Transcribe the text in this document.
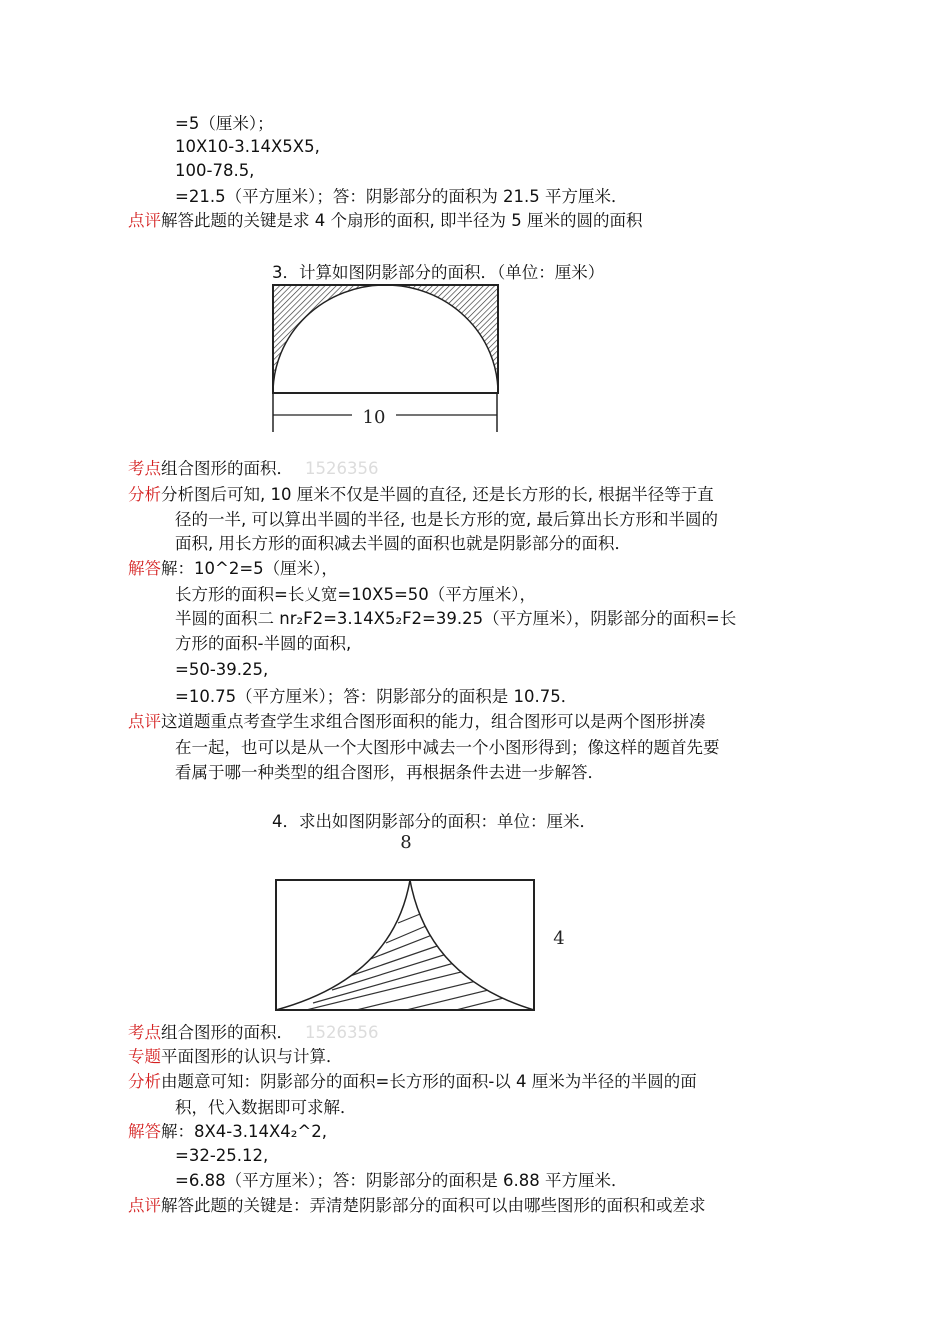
=5（厘米）；
10X10-3.14X5X5,
100-78.5,
=21.5（平方厘米）；答：阴影部分的面积为 21.5 平方厘米．
点评解答此题的关键是求 4 个扇形的面积, 即半径为 5 厘米的圆的面积
3．计算如图阴影部分的面积．（单位：厘米）
10
考点组合图形的面积． 1526356
分析分析图后可知, 10 厘米不仅是半圆的直径, 还是长方形的长, 根据半径等于直
径的一半, 可以算出半圆的半径, 也是长方形的宽, 最后算出长方形和半圆的
面积, 用长方形的面积减去半圆的面积也就是阴影部分的面积．
解答解：10^2=5（厘米），
长方形的面积=长乂宽=10X5=50（平方厘米），
半圆的面积二 nr₂F2=3.14X5₂F2=39.25（平方厘米），阴影部分的面积=长
方形的面积-半圆的面积,
=50-39.25,
=10.75（平方厘米）；答：阴影部分的面积是 10.75．
点评这道题重点考查学生求组合图形面积的能力，组合图形可以是两个图形拼凑
在一起，也可以是从一个大图形中减去一个小图形得到；像这样的题首先要
看属于哪一种类型的组合图形，再根据条件去进一步解答．
4．求出如图阴影部分的面积：单位：厘米．
8
4
考点组合图形的面积． 1526356
专题平面图形的认识与计算．
分析由题意可知：阴影部分的面积=长方形的面积-以 4 厘米为半径的半圆的面
积，代入数据即可求解．
解答解：8X4-3.14X4₂^2,
=32-25.12,
=6.88（平方厘米）；答：阴影部分的面积是 6.88 平方厘米．
点评解答此题的关键是：弄清楚阴影部分的面积可以由哪些图形的面积和或差求
